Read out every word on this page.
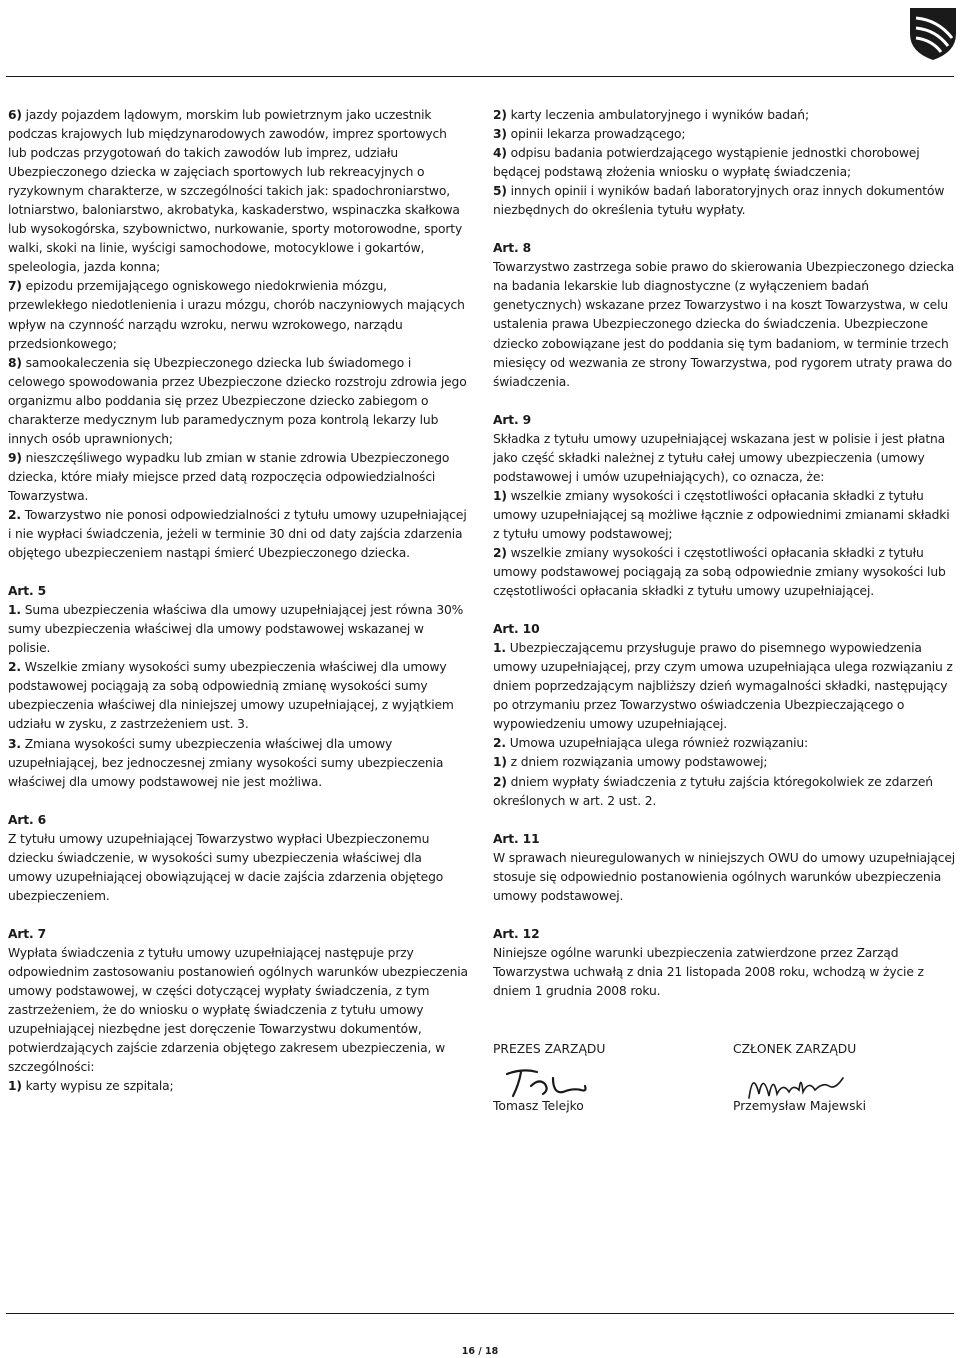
6) jazdy pojazdem lądowym, morskim lub powietrznym jako uczestnik podczas krajowych lub międzynarodowych zawodów, imprez sportowych lub podczas przygotowań do takich zawodów lub imprez, udziału Ubezpieczonego dziecka w zajęciach sportowych lub rekreacyjnych o ryzykownym charakterze, w szczególności takich jak: spadochroniarstwo, lotniarstwo, baloniarstwo, akrobatyka, kaskaderstwo, wspinaczka skałkowa lub wysokogórska, szybownictwo, nurkowanie, sporty motorowodne, sporty walki, skoki na linie, wyścigi samochodowe, motocyklowe i gokartów, speleologia, jazda konna;

7) epizodu przemijającego ogniskowego niedokrwienia mózgu, przewlekłego niedotlenienia i urazu mózgu, chorób naczyniowych mających wpływ na czynność narządu wzroku, nerwu wzrokowego, narządu przedsionkowego;

8) samookaleczenia się Ubezpieczonego dziecka lub świadomego i celowego spowodowania przez Ubezpieczone dziecko rozstroju zdrowia jego organizmu albo poddania się przez Ubezpieczone dziecko zabiegom o charakterze medycznym lub paramedycznym poza kontrolą lekarzy lub innych osób uprawnionych;

9) nieszczęśliwego wypadku lub zmian w stanie zdrowia Ubezpieczonego dziecka, które miały miejsce przed datą rozpoczęcia odpowiedzialności Towarzystwa.

2. Towarzystwo nie ponosi odpowiedzialności z tytułu umowy uzupełniającej i nie wypłaci świadczenia, jeżeli w terminie 30 dni od daty zajścia zdarzenia objętego ubezpieczeniem nastąpi śmierć Ubezpieczonego dziecka.

Art. 5

1. Suma ubezpieczenia właściwa dla umowy uzupełniającej jest równa 30% sumy ubezpieczenia właściwej dla umowy podstawowej wskazanej w polisie.

2. Wszelkie zmiany wysokości sumy ubezpieczenia właściwej dla umowy podstawowej pociągają za sobą odpowiednią zmianę wysokości sumy ubezpieczenia właściwej dla niniejszej umowy uzupełniającej, z wyjątkiem udziału w zysku, z zastrzeżeniem ust. 3.

3. Zmiana wysokości sumy ubezpieczenia właściwej dla umowy uzupełniającej, bez jednoczesnej zmiany wysokości sumy ubezpieczenia właściwej dla umowy podstawowej nie jest możliwa.

Art. 6

Z tytułu umowy uzupełniającej Towarzystwo wypłaci Ubezpieczonemu dziecku świadczenie, w wysokości sumy ubezpieczenia właściwej dla umowy uzupełniającej obowiązującej w dacie zajścia zdarzenia objętego ubezpieczeniem.

Art. 7

Wypłata świadczenia z tytułu umowy uzupełniającej następuje przy odpowiednim zastosowaniu postanowień ogólnych warunków ubezpieczenia umowy podstawowej, w części dotyczącej wypłaty świadczenia, z tym zastrzeżeniem, że do wniosku o wypłatę świadczenia z tytułu umowy uzupełniającej niezbędne jest doręczenie Towarzystwu dokumentów, potwierdzających zajście zdarzenia objętego zakresem ubezpieczenia, w szczególności:

1) karty wypisu ze szpitala;

2) karty leczenia ambulatoryjnego i wyników badań;

3) opinii lekarza prowadzącego;

4) odpisu badania potwierdzającego wystąpienie jednostki chorobowej będącej podstawą złożenia wniosku o wypłatę świadczenia;

5) innych opinii i wyników badań laboratoryjnych oraz innych dokumentów niezbędnych do określenia tytułu wypłaty.

Art. 8

Towarzystwo zastrzega sobie prawo do skierowania Ubezpieczonego dziecka na badania lekarskie lub diagnostyczne (z wyłączeniem badań genetycznych) wskazane przez Towarzystwo i na koszt Towarzystwa, w celu ustalenia prawa Ubezpieczonego dziecka do świadczenia. Ubezpieczone dziecko zobowiązane jest do poddania się tym badaniom, w terminie trzech miesięcy od wezwania ze strony Towarzystwa, pod rygorem utraty prawa do świadczenia.

Art. 9

Składka z tytułu umowy uzupełniającej wskazana jest w polisie i jest płatna jako część składki należnej z tytułu całej umowy ubezpieczenia (umowy podstawowej i umów uzupełniających), co oznacza, że:

1) wszelkie zmiany wysokości i częstotliwości opłacania składki z tytułu umowy uzupełniającej są możliwe łącznie z odpowiednimi zmianami składki z tytułu umowy podstawowej;

2) wszelkie zmiany wysokości i częstotliwości opłacania składki z tytułu umowy podstawowej pociągają za sobą odpowiednie zmiany wysokości lub częstotliwości opłacania składki z tytułu umowy uzupełniającej.

Art. 10

1. Ubezpieczającemu przysługuje prawo do pisemnego wypowiedzenia umowy uzupełniającej, przy czym umowa uzupełniająca ulega rozwiązaniu z dniem poprzedzającym najbliższy dzień wymagalności składki, następujący po otrzymaniu przez Towarzystwo oświadczenia Ubezpieczającego o wypowiedzeniu umowy uzupełniającej.

2. Umowa uzupełniająca ulega również rozwiązaniu:

1) z dniem rozwiązania umowy podstawowej;

2) dniem wypłaty świadczenia z tytułu zajścia któregokolwiek ze zdarzeń określonych w art. 2 ust. 2.

Art. 11

W sprawach nieuregulowanych w niniejszych OWU do umowy uzupełniającej stosuje się odpowiednio postanowienia ogólnych warunków ubezpieczenia umowy podstawowej.

Art. 12

Niniejsze ogólne warunki ubezpieczenia zatwierdzone przez Zarząd Towarzystwa uchwałą z dnia 21 listopada 2008 roku, wchodzą w życie z dniem 1 grudnia 2008 roku.

PREZES ZARZĄDU
Tomasz Telejko
CZŁONEK ZARZĄDU
Przemysław Majewski
16 / 18
